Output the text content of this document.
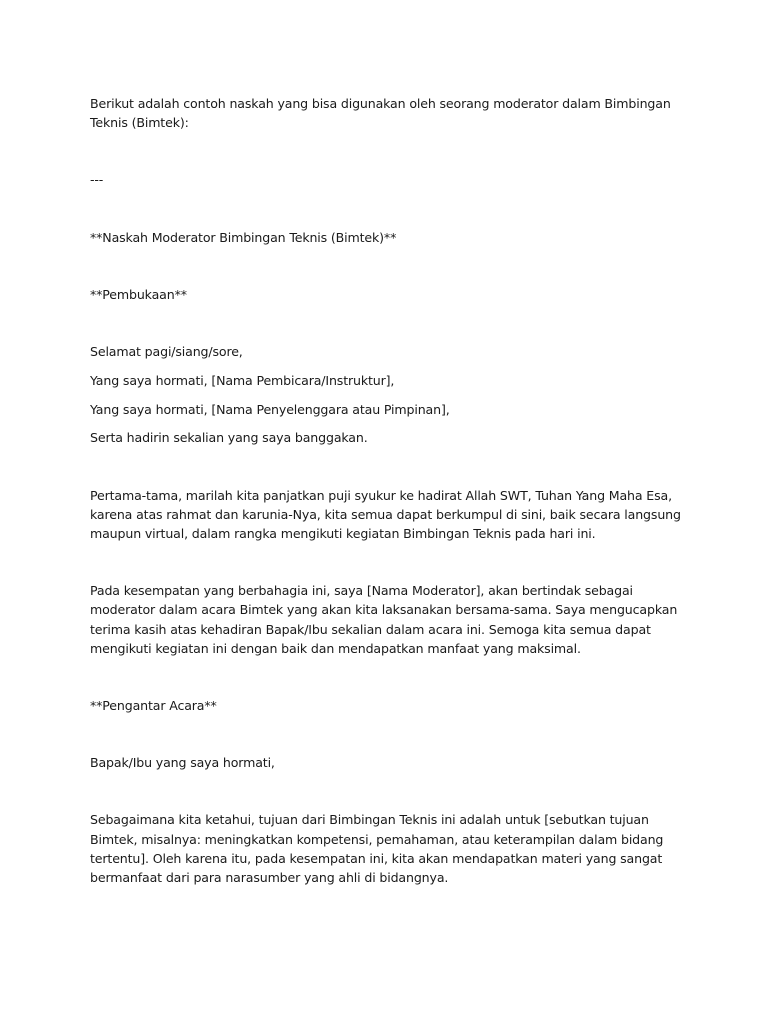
Berikut adalah contoh naskah yang bisa digunakan oleh seorang moderator dalam Bimbingan Teknis (Bimtek):

---

**Naskah Moderator Bimbingan Teknis (Bimtek)**

**Pembukaan**

Selamat pagi/siang/sore,

Yang saya hormati, [Nama Pembicara/Instruktur],

Yang saya hormati, [Nama Penyelenggara atau Pimpinan],

Serta hadirin sekalian yang saya banggakan.

Pertama-tama, marilah kita panjatkan puji syukur ke hadirat Allah SWT, Tuhan Yang Maha Esa, karena atas rahmat dan karunia-Nya, kita semua dapat berkumpul di sini, baik secara langsung maupun virtual, dalam rangka mengikuti kegiatan Bimbingan Teknis pada hari ini.

Pada kesempatan yang berbahagia ini, saya [Nama Moderator], akan bertindak sebagai moderator dalam acara Bimtek yang akan kita laksanakan bersama-sama. Saya mengucapkan terima kasih atas kehadiran Bapak/Ibu sekalian dalam acara ini. Semoga kita semua dapat mengikuti kegiatan ini dengan baik dan mendapatkan manfaat yang maksimal.

**Pengantar Acara**

Bapak/Ibu yang saya hormati,

Sebagaimana kita ketahui, tujuan dari Bimbingan Teknis ini adalah untuk [sebutkan tujuan Bimtek, misalnya: meningkatkan kompetensi, pemahaman, atau keterampilan dalam bidang tertentu]. Oleh karena itu, pada kesempatan ini, kita akan mendapatkan materi yang sangat bermanfaat dari para narasumber yang ahli di bidangnya.
